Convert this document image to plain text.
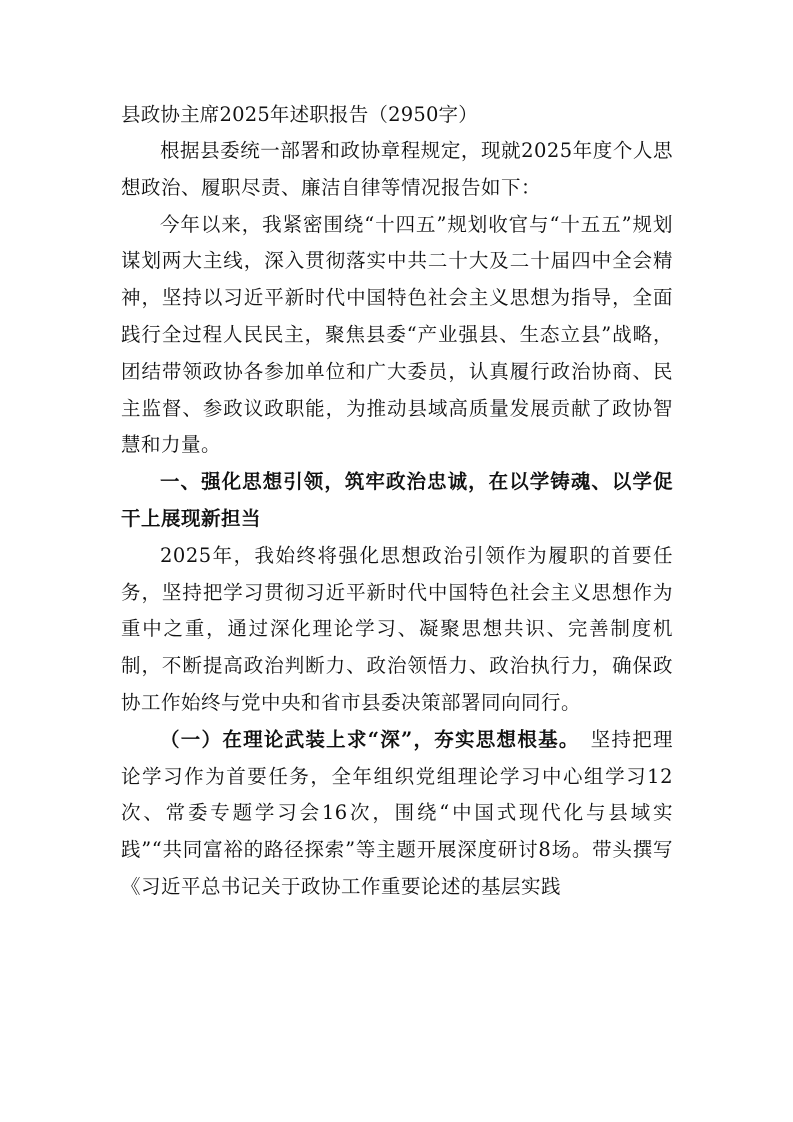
县政协主席2025年述职报告（2950字）

根据县委统一部署和政协章程规定，现就2025年度个人思想政治、履职尽责、廉洁自律等情况报告如下：

今年以来，我紧密围绕“十四五”规划收官与“十五五”规划谋划两大主线，深入贯彻落实中共二十大及二十届四中全会精神，坚持以习近平新时代中国特色社会主义思想为指导，全面践行全过程人民民主，聚焦县委“产业强县、生态立县”战略，团结带领政协各参加单位和广大委员，认真履行政治协商、民主监督、参政议政职能，为推动县域高质量发展贡献了政协智慧和力量。

一、强化思想引领，筑牢政治忠诚，在以学铸魂、以学促干上展现新担当

2025年，我始终将强化思想政治引领作为履职的首要任务，坚持把学习贯彻习近平新时代中国特色社会主义思想作为重中之重，通过深化理论学习、凝聚思想共识、完善制度机制，不断提高政治判断力、政治领悟力、政治执行力，确保政协工作始终与党中央和省市县委决策部署同向同行。

（一）在理论武装上求“深”，夯实思想根基。　 坚持把理论学习作为首要任务，全年组织党组理论学习中心组学习12次、常委专题学习会16次，围绕“中国式现代化与县域实践”“共同富裕的路径探索”等主题开展深度研讨8场。带头撰写《习近平总书记关于政协工作重要论述的基层实践
